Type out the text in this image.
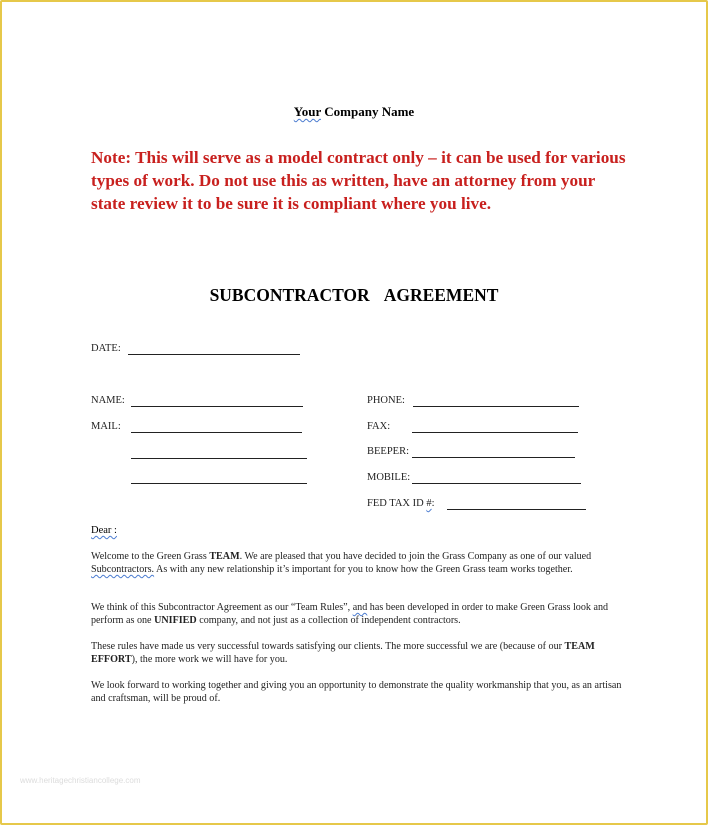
Your Company Name
Note: This will serve as a model contract only – it can be used for various types of work. Do not use this as written, have an attorney from your state review it to be sure it is compliant where you live.
SUBCONTRACTOR AGREEMENT
DATE:
NAME:
MAIL:
PHONE:
FAX:
BEEPER:
MOBILE:
FED TAX ID #:
Dear :
Welcome to the Green Grass TEAM. We are pleased that you have decided to join the Grass Company as one of our valued Subcontractors. As with any new relationship it’s important for you to know how the Green Grass team works together.
We think of this Subcontractor Agreement as our “Team Rules”, and has been developed in order to make Green Grass look and perform as one UNIFIED company, and not just as a collection of independent contractors.
These rules have made us very successful towards satisfying our clients. The more successful we are (because of our TEAM EFFORT), the more work we will have for you.
We look forward to working together and giving you an opportunity to demonstrate the quality workmanship that you, as an artisan and craftsman, will be proud of.
www.heritagechristiancollege.com
